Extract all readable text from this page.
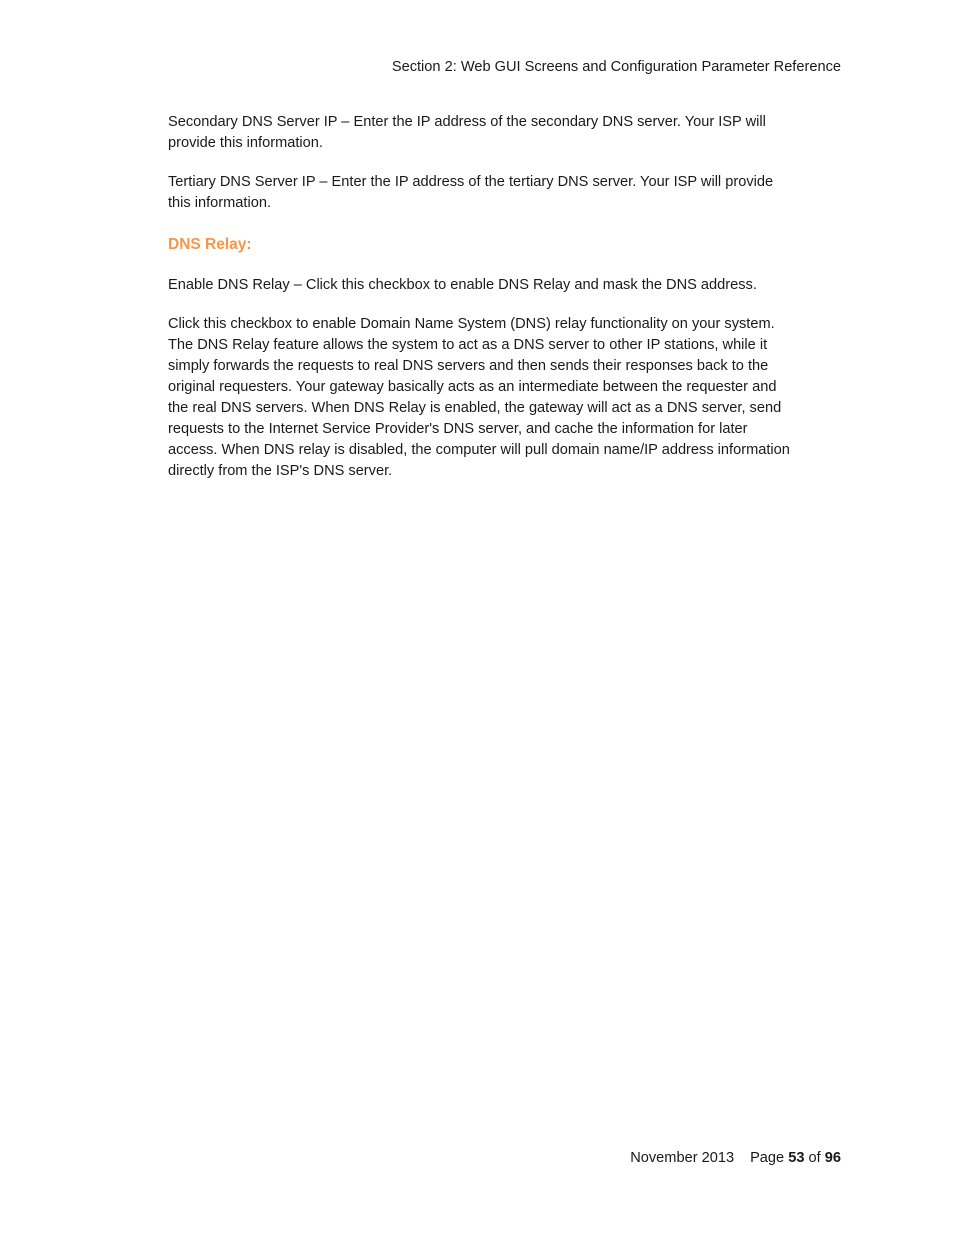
Section 2: Web GUI Screens and Configuration Parameter Reference

Secondary DNS Server IP – Enter the IP address of the secondary DNS server. Your ISP will
provide this information.

Tertiary DNS Server IP – Enter the IP address of the tertiary DNS server. Your ISP will provide
this information.

DNS Relay:

Enable DNS Relay – Click this checkbox to enable DNS Relay and mask the DNS address.

Click this checkbox to enable Domain Name System (DNS) relay functionality on your system.
The DNS Relay feature allows the system to act as a DNS server to other IP stations, while it
simply forwards the requests to real DNS servers and then sends their responses back to the
original requesters. Your gateway basically acts as an intermediate between the requester and
the real DNS servers. When DNS Relay is enabled, the gateway will act as a DNS server, send
requests to the Internet Service Provider's DNS server, and cache the information for later
access. When DNS relay is disabled, the computer will pull domain name/IP address information
directly from the ISP's DNS server.

November 2013 Page 53 of 96
